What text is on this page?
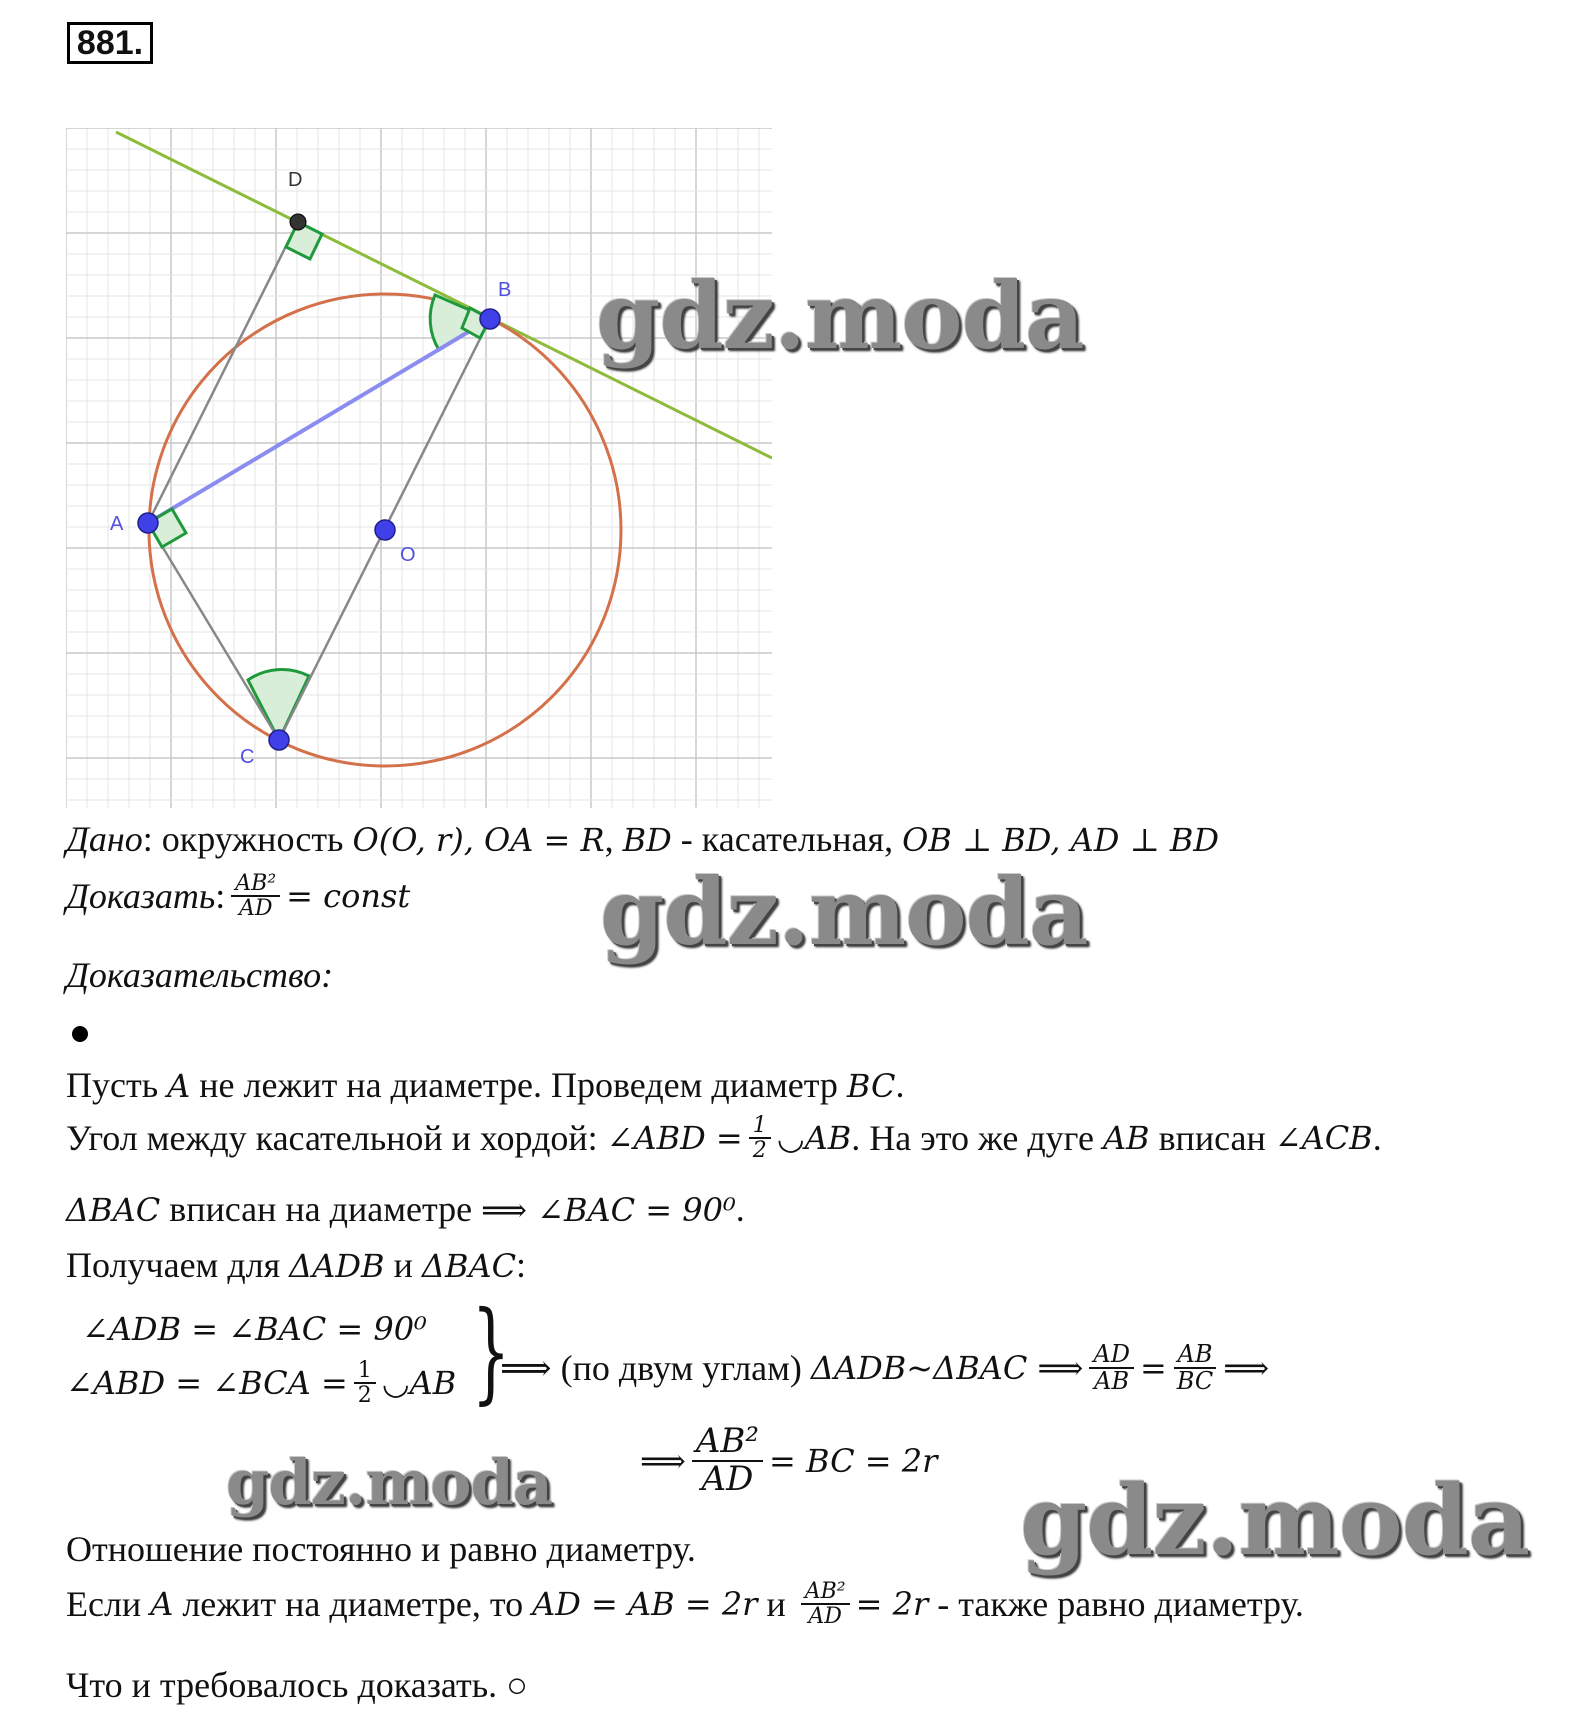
881.
D
B
A
O
C
gdz.moda
gdz.moda
gdz.moda	gdz.moda
Дано: окружность O(O, r), OA = R, BD - касательная, OB ⊥ BD, AD ⊥ BD
Доказать : $\frac{\text{AB²}}{AD}$ = const
Доказательство:
Пусть A не лежит на диаметре. Проведем диаметр BC.
Угол между касательной и хордой: ∠ABD = $\frac{1}{2}$ ◡AB . На это же дуге AB вписан ∠ACB .
ΔBAC вписан на диаметре ⟹ ∠BAC = 90⁰.
Получаем для ΔADB и ΔBAC:
∠ADB = ∠BAC = 90⁰
∠ABD = ∠BCA = $\frac{1}{2}$ ◡AB }
⟹ (по двум углам) ΔADB~ΔBAC ⟹ $\frac{AD}{AB} = \frac{AB}{BC}$ ⟹
⟹ $\frac{\text{AB²}}{AD}$ = BC = 2r
Отношение постоянно и равно диаметру.
Если A лежит на диаметре, то AD = AB = 2r и $\frac{\text{AB²}}{AD} = 2r$ - также равно диаметру.
Что и требовалось доказать. ○
